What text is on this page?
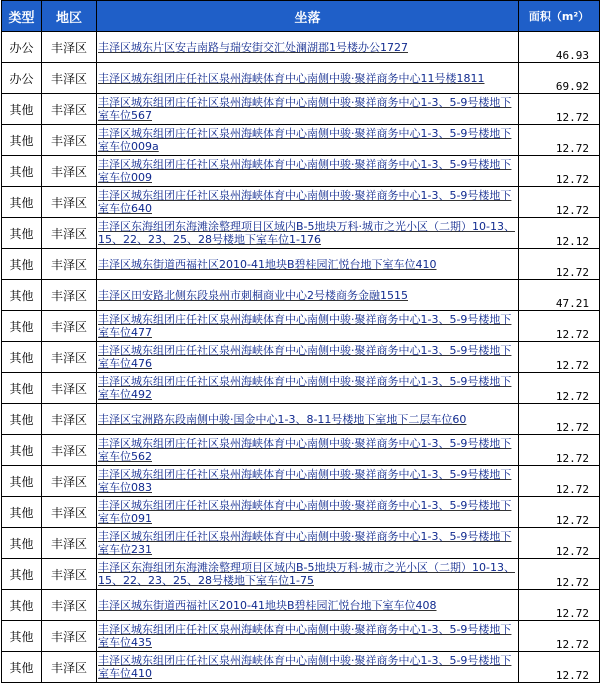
类型	地区	坐落	面积（m²）
办公	丰泽区	丰泽区城东片区安吉南路与瑞安街交汇处澜湖郡1号楼办公1727	46.93
办公	丰泽区	丰泽区城东组团庄任社区泉州海峡体育中心南侧中骏·聚祥商务中心11号楼1811	69.92
其他	丰泽区	丰泽区城东组团庄任社区泉州海峡体育中心南侧中骏·聚祥商务中心1-3、5-9号楼地下室车位567	12.72
其他	丰泽区	丰泽区城东组团庄任社区泉州海峡体育中心南侧中骏·聚祥商务中心1-3、5-9号楼地下室车位009a	12.72
其他	丰泽区	丰泽区城东组团庄任社区泉州海峡体育中心南侧中骏·聚祥商务中心1-3、5-9号楼地下室车位009	12.72
其他	丰泽区	丰泽区城东组团庄任社区泉州海峡体育中心南侧中骏·聚祥商务中心1-3、5-9号楼地下室车位640	12.72
其他	丰泽区	丰泽区东海组团东海滩涂整理项目区域内B-5地块万科·城市之光小区（二期）10-13、15、22、23、25、28号楼地下室车位1-176	12.12
其他	丰泽区	丰泽区城东街道西福社区2010-41地块B碧桂园汇悦台地下室车位410	12.72
其他	丰泽区	丰泽区田安路北侧东段泉州市刺桐商业中心2号楼商务金融1515	47.21
其他	丰泽区	丰泽区城东组团庄任社区泉州海峡体育中心南侧中骏·聚祥商务中心1-3、5-9号楼地下室车位477	12.72
其他	丰泽区	丰泽区城东组团庄任社区泉州海峡体育中心南侧中骏·聚祥商务中心1-3、5-9号楼地下室车位476	12.72
其他	丰泽区	丰泽区城东组团庄任社区泉州海峡体育中心南侧中骏·聚祥商务中心1-3、5-9号楼地下室车位492	12.72
其他	丰泽区	丰泽区宝洲路东段南侧中骏·国金中心1-3、8-11号楼地下室地下二层车位60	12.72
其他	丰泽区	丰泽区城东组团庄任社区泉州海峡体育中心南侧中骏·聚祥商务中心1-3、5-9号楼地下室车位562	12.72
其他	丰泽区	丰泽区城东组团庄任社区泉州海峡体育中心南侧中骏·聚祥商务中心1-3、5-9号楼地下室车位083	12.72
其他	丰泽区	丰泽区城东组团庄任社区泉州海峡体育中心南侧中骏·聚祥商务中心1-3、5-9号楼地下室车位091	12.72
其他	丰泽区	丰泽区城东组团庄任社区泉州海峡体育中心南侧中骏·聚祥商务中心1-3、5-9号楼地下室车位231	12.72
其他	丰泽区	丰泽区东海组团东海滩涂整理项目区域内B-5地块万科·城市之光小区（二期）10-13、15、22、23、25、28号楼地下室车位1-75	12.72
其他	丰泽区	丰泽区城东街道西福社区2010-41地块B碧桂园汇悦台地下室车位408	12.72
其他	丰泽区	丰泽区城东组团庄任社区泉州海峡体育中心南侧中骏·聚祥商务中心1-3、5-9号楼地下室车位435	12.72
其他	丰泽区	丰泽区城东组团庄任社区泉州海峡体育中心南侧中骏·聚祥商务中心1-3、5-9号楼地下室车位410	12.72
